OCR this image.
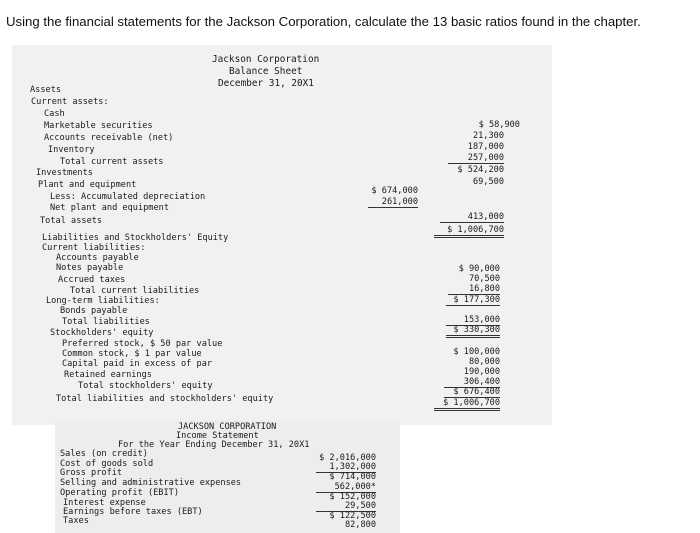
Using the financial statements for the Jackson Corporation, calculate the 13 basic ratios found in the chapter.
Jackson Corporation
Balance Sheet
December 31, 20X1
Assets
Current assets:
Cash
Marketable securities
Accounts receivable (net)
Inventory
Total current assets
Investments
Plant and equipment
Less: Accumulated depreciation
Net plant and equipment
Total assets
Liabilities and Stockholders' Equity
Current liabilities:
Accounts payable
Notes payable
Accrued taxes
Total current liabilities
Long-term liabilities:
Bonds payable
Total liabilities
Stockholders' equity
Preferred stock, $ 50 par value
Common stock, $ 1 par value
Capital paid in excess of par
Retained earnings
Total stockholders' equity
Total liabilities and stockholders' equity
$ 674,000
261,000
$ 58,900
21,300
187,000
257,000
$ 524,200
69,500
413,000
$ 1,006,700
$ 90,000
70,500
16,800
$ 177,300
153,000
$ 330,300
$ 100,000
80,000
190,000
306,400
$ 676,400
$ 1,006,700
JACKSON CORPORATION
Income Statement
For the Year Ending December 31, 20X1
Sales (on credit)
Cost of goods sold
Gross profit
Selling and administrative expenses
Operating profit (EBIT)
Interest expense
Earnings before taxes (EBT)
Taxes
$ 2,016,000
1,302,000
$ 714,000
562,000*
$ 152,000
29,500
$ 122,500
82,800
